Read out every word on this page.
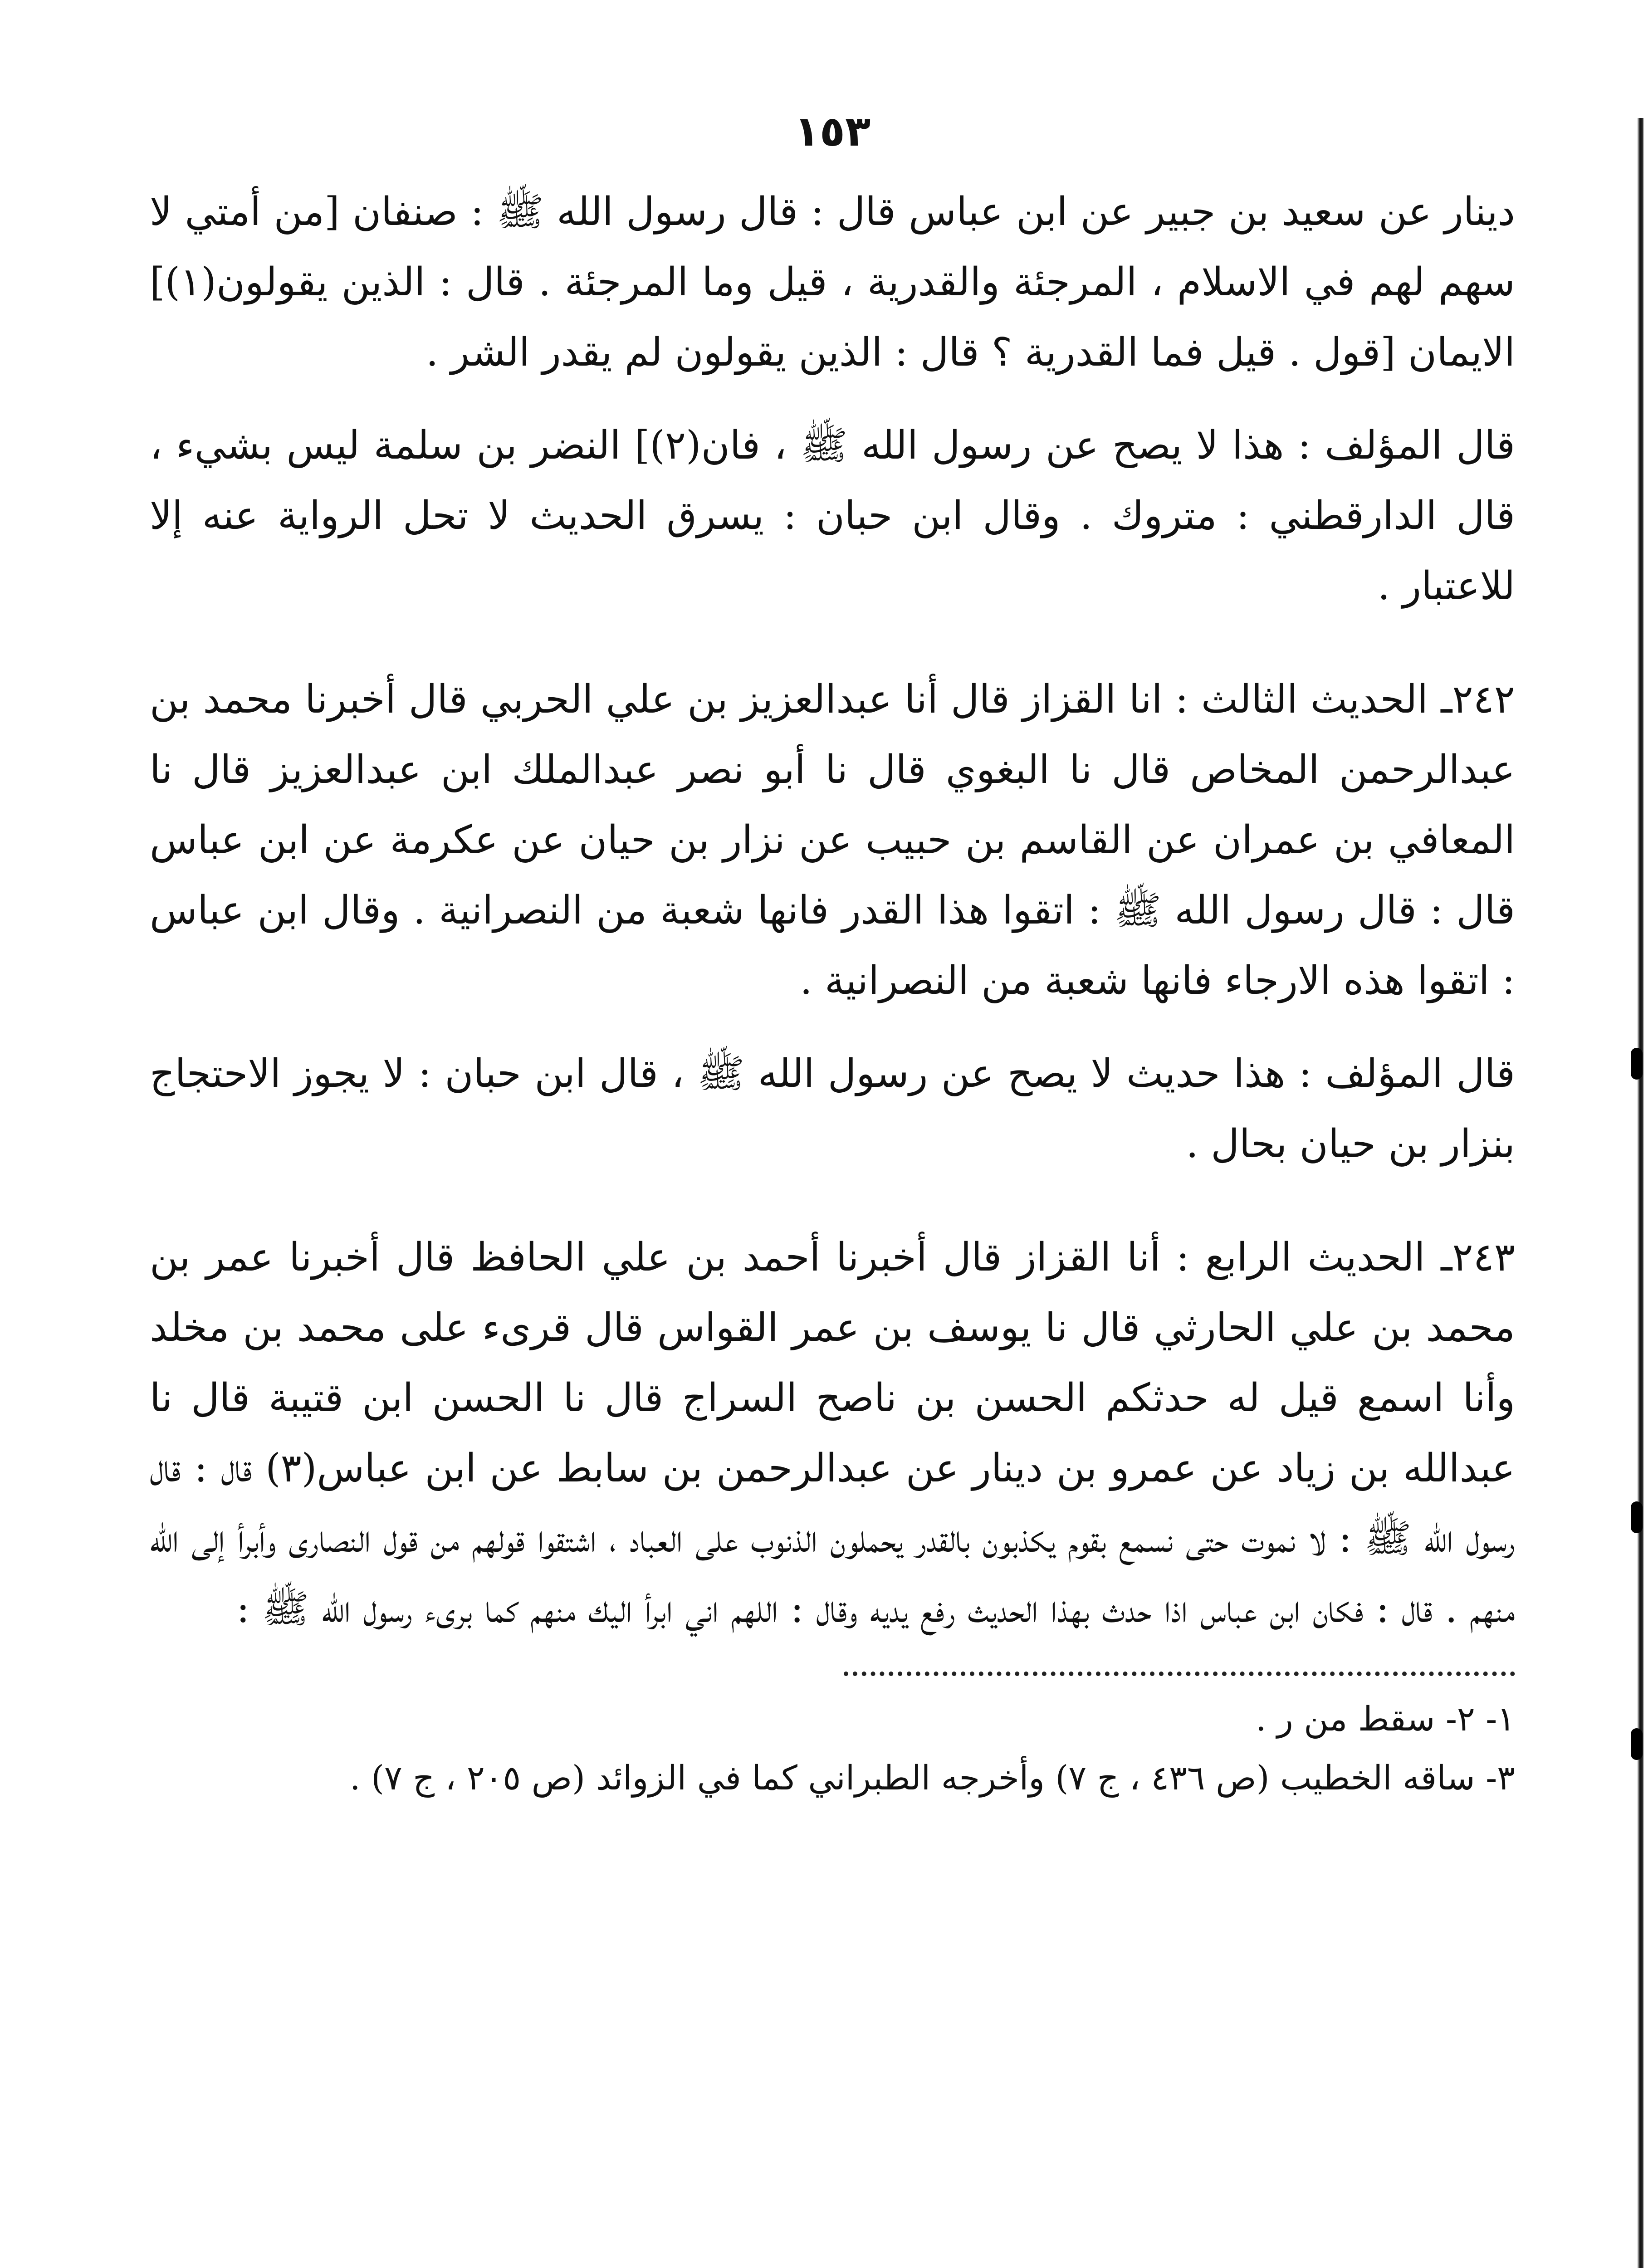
١٥٣

دينار عن سعيد بن جبير عن ابن عباس قال : قال رسول الله ﷺ : صنفان [من أمتي لا سهم لهم في الاسلام ، المرجئة والقدرية ، قيل وما المرجئة . قال : الذين يقولون(١)] الايمان [قول . قيل فما القدرية ؟ قال : الذين يقولون لم يقدر الشر .

قال المؤلف : هذا لا يصح عن رسول الله ﷺ ، فان(٢)] النضر بن سلمة ليس بشيء ، قال الدارقطني : متروك . وقال ابن حبان : يسرق الحديث لا تحل الرواية عنه إلا للاعتبار .

٢٤٢ـ الحديث الثالث : انا القزاز قال أنا عبدالعزيز بن علي الحربي قال أخبرنا محمد بن عبدالرحمن المخاص قال نا البغوي قال نا أبو نصر عبدالملك ابن عبدالعزيز قال نا المعافي بن عمران عن القاسم بن حبيب عن نزار بن حيان عن عكرمة عن ابن عباس قال : قال رسول الله ﷺ : اتقوا هذا القدر فانها شعبة من النصرانية . وقال ابن عباس : اتقوا هذه الارجاء فانها شعبة من النصرانية .

قال المؤلف : هذا حديث لا يصح عن رسول الله ﷺ ، قال ابن حبان : لا يجوز الاحتجاج بنزار بن حيان بحال .

٢٤٣ـ الحديث الرابع : أنا القزاز قال أخبرنا أحمد بن علي الحافظ قال أخبرنا عمر بن محمد بن علي الحارثي قال نا يوسف بن عمر القواس قال قرىء على محمد بن مخلد وأنا اسمع قيل له حدثكم الحسن بن ناصح السراج قال نا الحسن ابن قتيبة قال نا عبدالله بن زياد عن عمرو بن دينار عن عبدالرحمن بن سابط عن ابن عباس(٣) قال : قال رسول الله ﷺ : لا نموت حتى نسمع بقوم يكذبون بالقدر يحملون الذنوب على العباد ، اشتقوا قولهم من قول النصارى وأبرأ إلى الله منهم . قال : فكان ابن عباس اذا حدث بهذا الحديث رفع يديه وقال : اللهم اني ابرأ اليك منهم كما برىء رسول الله ﷺ :

١- ٢- سقط من ر .

٣- ساقه الخطيب (ص ٤٣٦ ، ج ٧) وأخرجه الطبراني كما في الزوائد (ص ٢٠٥ ، ج ٧) .
